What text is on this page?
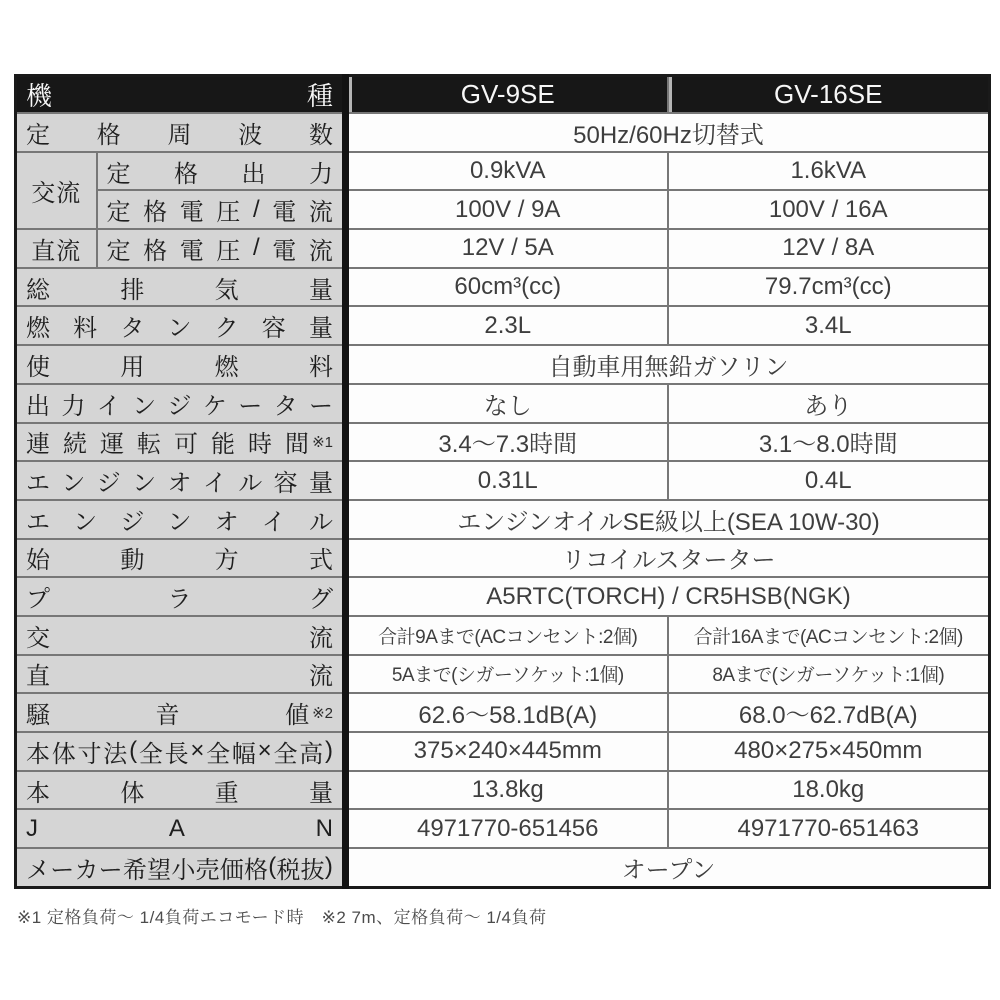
機 種		GV-9SE	GV-16SE

定 格 周 波 数		50Hz/60Hz切替式	

交流	定 格 出 力	0.9kVA	1.6kVA

定 格 電 圧 / 電 流	100V / 9A	100V / 16A

直流	定 格 電 圧 / 電 流	12V / 5A	12V / 8A

総 排 気 量		60cm³(cc)	79.7cm³(cc)

燃 料 タ ン ク 容 量	2.3L	3.4L

使 用 燃 料		自動車用無鉛ガソリン	

出 力 イ ン ジ ケ ー タ ー	なし	あり

連 続 運 転 可 能 時 間 ※1	3.4〜7.3時間	3.1〜8.0時間

エ ン ジ ン オ イ ル 容 量	0.31L	0.4L

エ ン ジ ン オ イ ル	エンジンオイルSE級以上(SEA 10W-30)

始 動 方 式		リコイルスターター	

プ ラ グ		A5RTC(TORCH) / CR5HSB(NGK)	

交 流		合計9Aまで(ACコンセント:2個)	合計16Aまで(ACコンセント:2個)

直 流		5Aまで(シガーソケット:1個)	8Aまで(シガーソケット:1個)

騒 音 値 ※2		62.6〜58.1dB(A)	68.0〜62.7dB(A)

本 体 寸 法 ( 全 長 × 全 幅 × 全 高 )	375×240×445mm	480×275×450mm

本 体 重 量		13.8kg	18.0kg

J A N		4971770-651456	4971770-651463

メ ー カ ー 希 望 小 売 価 格 ( 税 抜 )	オープン
※1 定格負荷〜 1/4負荷エコモード時　※2 7m、定格負荷〜 1/4負荷
